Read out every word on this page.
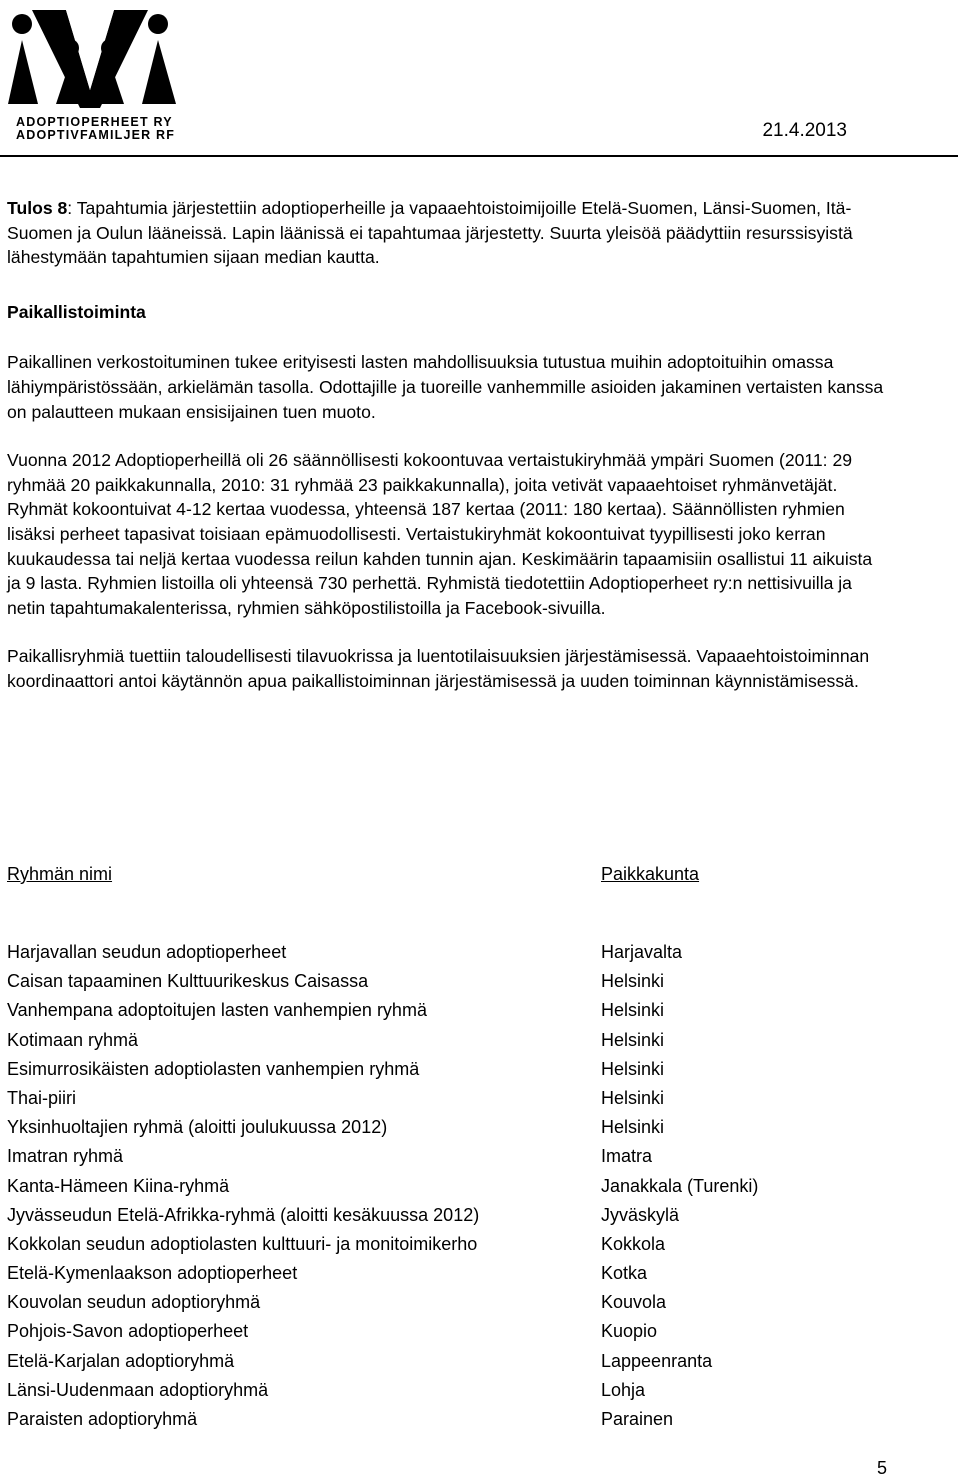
ADOPTIOPERHEET RY
ADOPTIVFAMILJER RF	21.4.2013

Tulos 8: Tapahtumia järjestettiin adoptioperheille ja vapaaehtoistoimijoille Etelä-Suomen, Länsi-Suomen, Itä-Suomen ja Oulun lääneissä. Lapin läänissä ei tapahtumaa järjestetty. Suurta yleisöä päädyttiin resurssisyistä lähestymään tapahtumien sijaan median kautta.

Paikallistoiminta

Paikallinen verkostoituminen tukee erityisesti lasten mahdollisuuksia tutustua muihin adoptoituihin omassa lähiympäristössään, arkielämän tasolla. Odottajille ja tuoreille vanhemmille asioiden jakaminen vertaisten kanssa on palautteen mukaan ensisijainen tuen muoto.

Vuonna 2012 Adoptioperheillä oli 26 säännöllisesti kokoontuvaa vertaistukiryhmää ympäri Suomen (2011: 29 ryhmää 20 paikkakunnalla, 2010: 31 ryhmää 23 paikkakunnalla), joita vetivät vapaaehtoiset ryhmänvetäjät. Ryhmät kokoontuivat 4-12 kertaa vuodessa, yhteensä 187 kertaa (2011: 180 kertaa). Säännöllisten ryhmien lisäksi perheet tapasivat toisiaan epämuodollisesti. Vertaistukiryhmät kokoontuivat tyypillisesti joko kerran kuukaudessa tai neljä kertaa vuodessa reilun kahden tunnin ajan. Keskimäärin tapaamisiin osallistui 11 aikuista ja 9 lasta. Ryhmien listoilla oli yhteensä 730 perhettä. Ryhmistä tiedotettiin Adoptioperheet ry:n nettisivuilla ja netin tapahtumakalenterissa, ryhmien sähköpostilistoilla ja Facebook-sivuilla.

Paikallisryhmiä tuettiin taloudellisesti tilavuokrissa ja luentotilaisuuksien järjestämisessä. Vapaaehtoistoiminnan koordinaattori antoi käytännön apua paikallistoiminnan järjestämisessä ja uuden toiminnan käynnistämisessä.

Ryhmän nimi	Paikkakunta
Harjavallan seudun adoptioperheet	Harjavalta
Caisan tapaaminen Kulttuurikeskus Caisassa	Helsinki
Vanhempana adoptoitujen lasten vanhempien ryhmä	Helsinki
Kotimaan ryhmä	Helsinki
Esimurrosikäisten adoptiolasten vanhempien ryhmä	Helsinki
Thai-piiri	Helsinki
Yksinhuoltajien ryhmä (aloitti joulukuussa 2012)	Helsinki
Imatran ryhmä	Imatra
Kanta-Hämeen Kiina-ryhmä	Janakkala (Turenki)
Jyvässeudun Etelä-Afrikka-ryhmä (aloitti kesäkuussa 2012)	Jyväskylä
Kokkolan seudun adoptiolasten kulttuuri- ja monitoimikerho	Kokkola
Etelä-Kymenlaakson adoptioperheet	Kotka
Kouvolan seudun adoptioryhmä	Kouvola
Pohjois-Savon adoptioperheet	Kuopio
Etelä-Karjalan adoptioryhmä	Lappeenranta
Länsi-Uudenmaan adoptioryhmä	Lohja
Paraisten adoptioryhmä	Parainen
5
